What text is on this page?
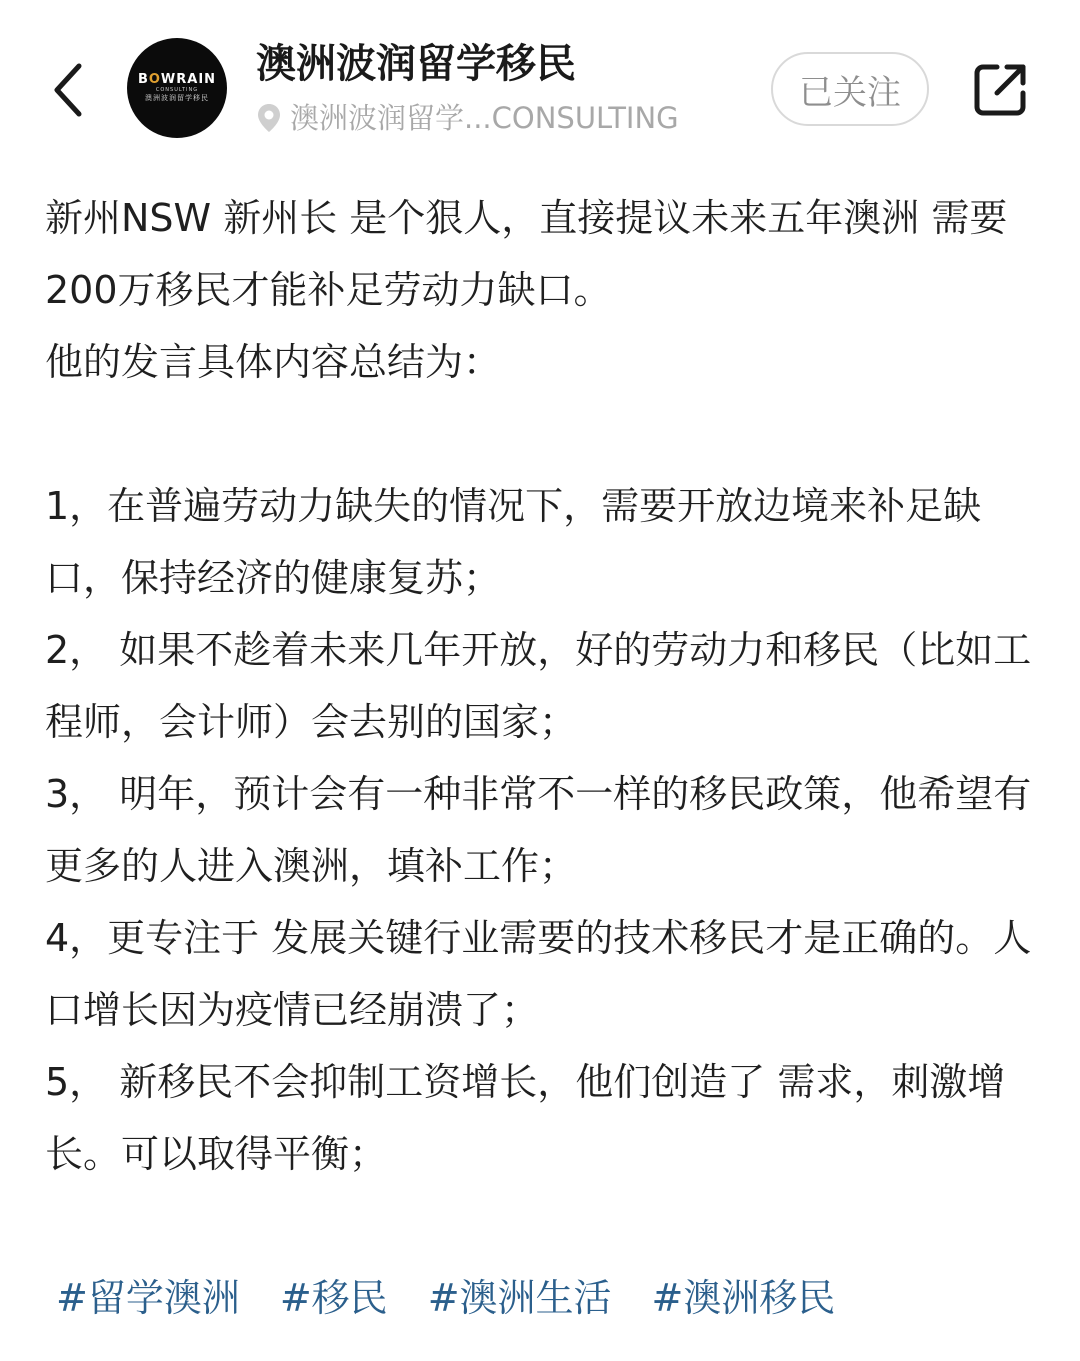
BOWRAIN
CONSULTING
澳洲波润留学移民
澳洲波润留学移民
澳洲波润留学...CONSULTING
已关注

新州NSW 新州长 是个狠人，直接提议未来五年澳洲 需要200万移民才能补足劳动力缺口。

他的发言具体内容总结为：

1，在普遍劳动力缺失的情况下，需要开放边境来补足缺口，保持经济的健康复苏；

2， 如果不趁着未来几年开放，好的劳动力和移民（比如工程师，会计师）会去别的国家；

3， 明年，预计会有一种非常不一样的移民政策，他希望有更多的人进入澳洲，填补工作；

4，更专注于 发展关键行业需要的技术移民才是正确的。人口增长因为疫情已经崩溃了；

5， 新移民不会抑制工资增长，他们创造了 需求，刺激增长。可以取得平衡；

#留学澳洲 #移民 #澳洲生活 #澳洲移民
